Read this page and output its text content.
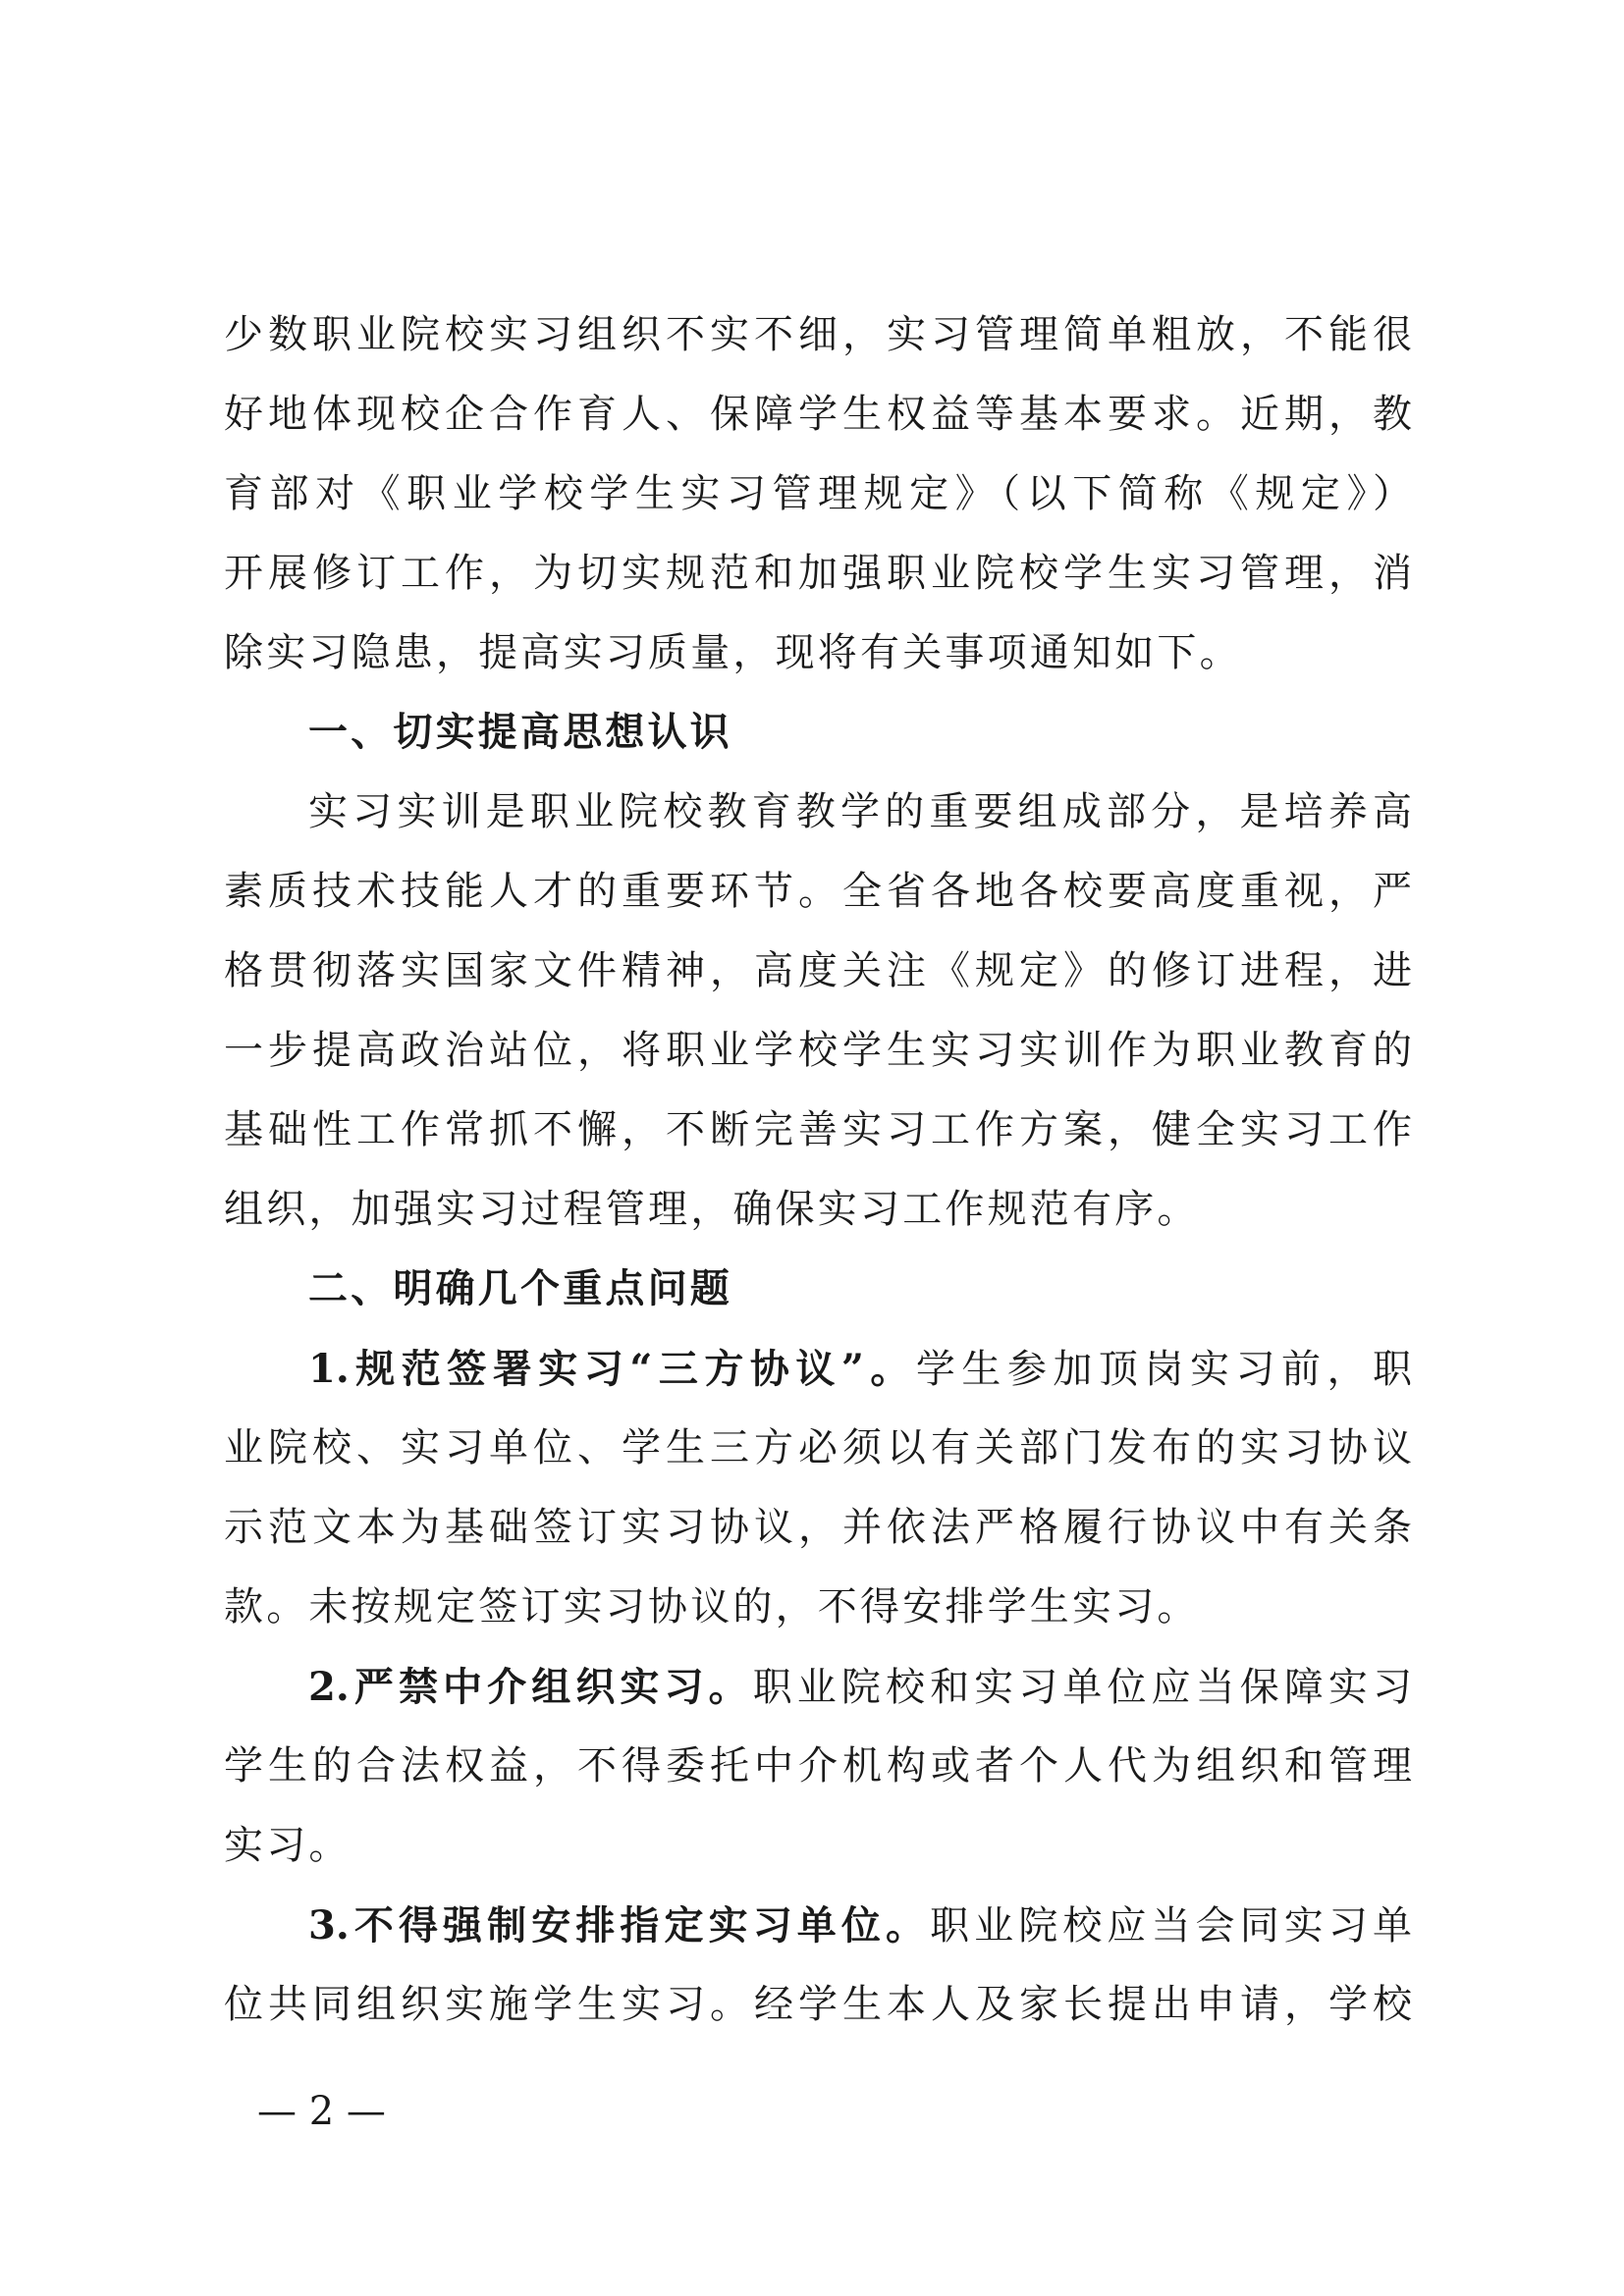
少数职业院校实习组织不实不细，实习管理简单粗放，不能很
好地体现校企合作育人、保障学生权益等基本要求。近期，教
育部对《职业学校学生实习管理规定》（以下简称《规定》）
开展修订工作，为切实规范和加强职业院校学生实习管理，消
除实习隐患，提高实习质量，现将有关事项通知如下。
一、切实提高思想认识
实习实训是职业院校教育教学的重要组成部分，是培养高
素质技术技能人才的重要环节。全省各地各校要高度重视，严
格贯彻落实国家文件精神，高度关注《规定》的修订进程，进
一步提高政治站位，将职业学校学生实习实训作为职业教育的
基础性工作常抓不懈，不断完善实习工作方案，健全实习工作
组织，加强实习过程管理，确保实习工作规范有序。
二、明确几个重点问题
1.规范签署实习“三方协议”。学生参加顶岗实习前，职
业院校、实习单位、学生三方必须以有关部门发布的实习协议
示范文本为基础签订实习协议，并依法严格履行协议中有关条
款。未按规定签订实习协议的，不得安排学生实习。
2.严禁中介组织实习。职业院校和实习单位应当保障实习
学生的合法权益，不得委托中介机构或者个人代为组织和管理
实习。
3.不得强制安排指定实习单位。职业院校应当会同实习单
位共同组织实施学生实习。经学生本人及家长提出申请，学校
— 2 —
